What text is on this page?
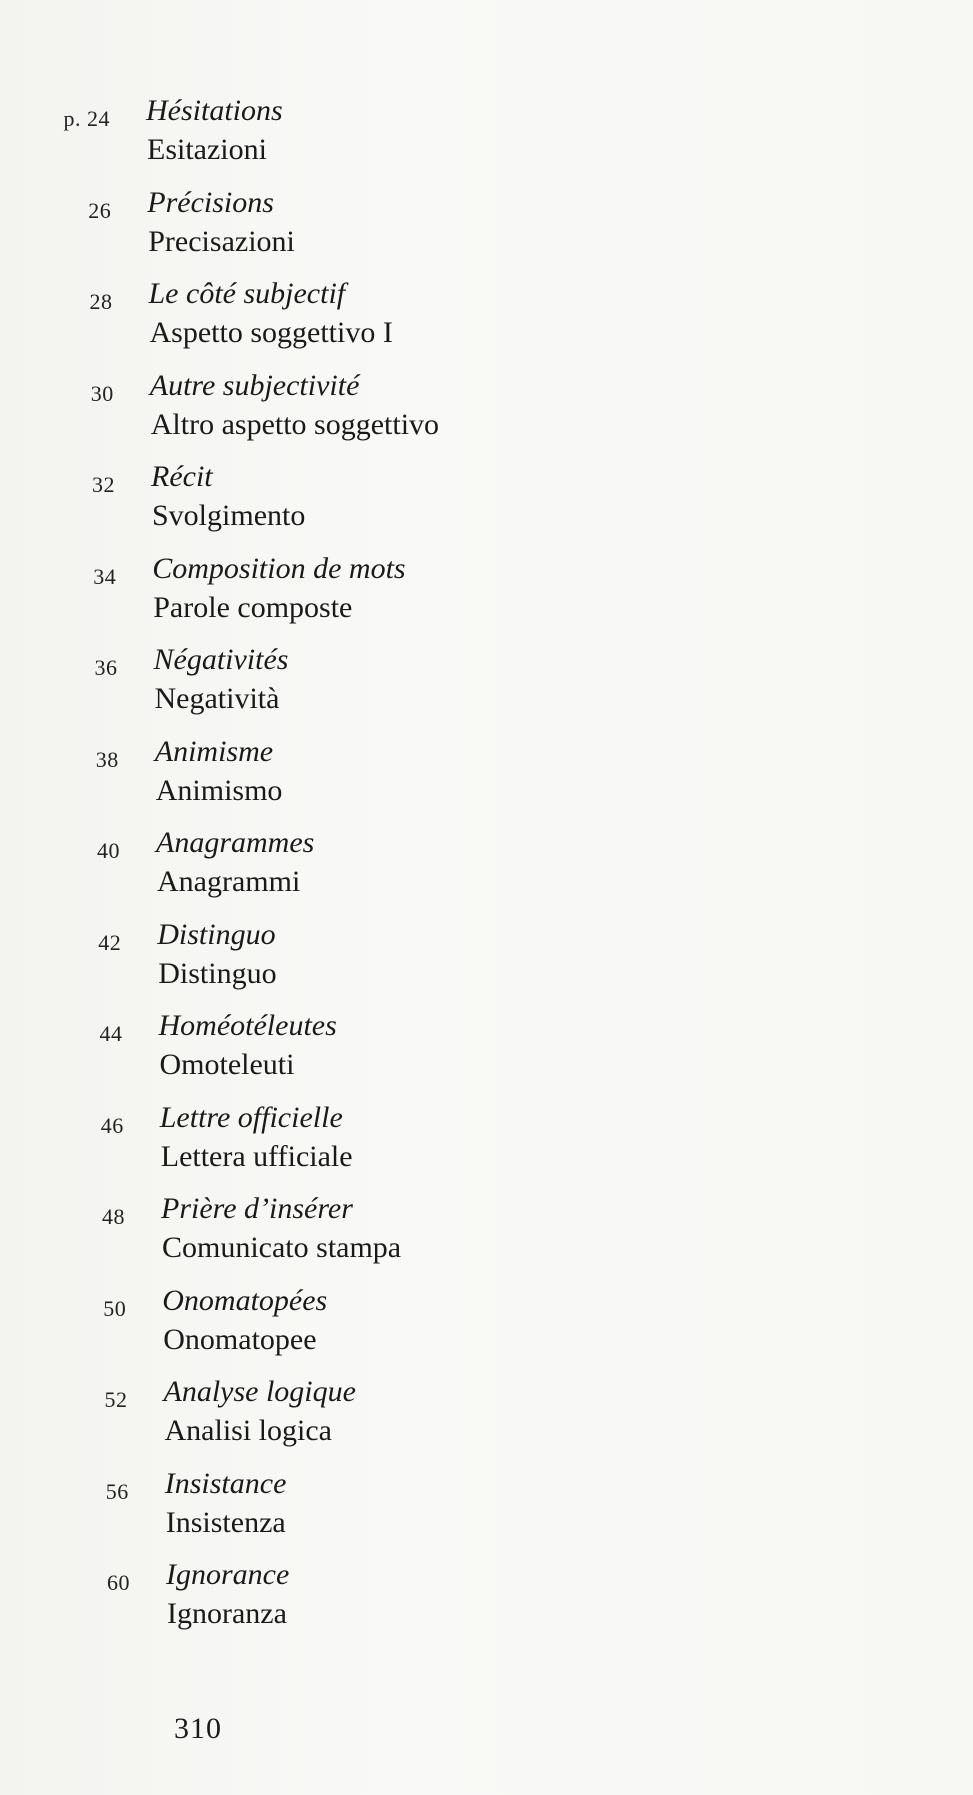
p. 24 Hésitations
Esitazioni
26 Précisions
Precisazioni
28 Le côté subjectif
Aspetto soggettivo I
30 Autre subjectivité
Altro aspetto soggettivo
32 Récit
Svolgimento
34 Composition de mots
Parole composte
36 Négativités
Negatività
38 Animisme
Animismo
40 Anagrammes
Anagrammi
42 Distinguo
Distinguo
44 Homéotéleutes
Omoteleuti
46 Lettre officielle
Lettera ufficiale
48 Prière d’insérer
Comunicato stampa
50 Onomatopées
Onomatopee
52 Analyse logique
Analisi logica
56 Insistance
Insistenza
60 Ignorance
Ignoranza
310
